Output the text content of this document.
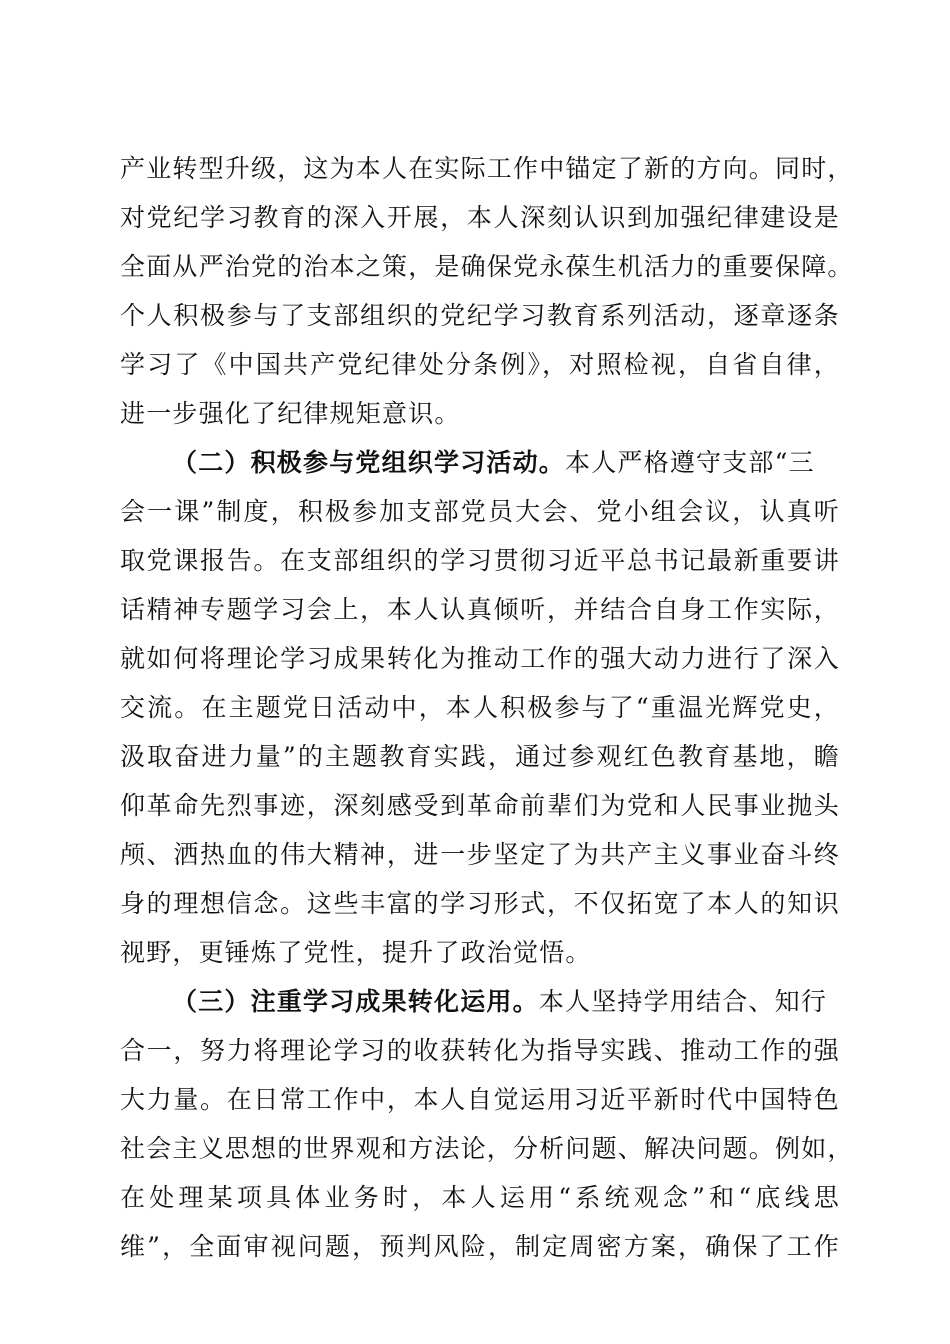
产业转型升级，这为本人在实际工作中锚定了新的方向。同时，
对党纪学习教育的深入开展，本人深刻认识到加强纪律建设是
全面从严治党的治本之策，是确保党永葆生机活力的重要保障。
个人积极参与了支部组织的党纪学习教育系列活动，逐章逐条
学习了《中国共产党纪律处分条例》，对照检视，自省自律，
进一步强化了纪律规矩意识。
（二）积极参与党组织学习活动。本人严格遵守支部“三
会一课”制度，积极参加支部党员大会、党小组会议，认真听
取党课报告。在支部组织的学习贯彻习近平总书记最新重要讲
话精神专题学习会上，本人认真倾听，并结合自身工作实际，
就如何将理论学习成果转化为推动工作的强大动力进行了深入
交流。在主题党日活动中，本人积极参与了“重温光辉党史，
汲取奋进力量”的主题教育实践，通过参观红色教育基地，瞻
仰革命先烈事迹，深刻感受到革命前辈们为党和人民事业抛头
颅、洒热血的伟大精神，进一步坚定了为共产主义事业奋斗终
身的理想信念。这些丰富的学习形式，不仅拓宽了本人的知识
视野，更锤炼了党性，提升了政治觉悟。
（三）注重学习成果转化运用。本人坚持学用结合、知行
合一，努力将理论学习的收获转化为指导实践、推动工作的强
大力量。在日常工作中，本人自觉运用习近平新时代中国特色
社会主义思想的世界观和方法论，分析问题、解决问题。例如，
在处理某项具体业务时，本人运用“系统观念”和“底线思
维”，全面审视问题，预判风险，制定周密方案，确保了工作
